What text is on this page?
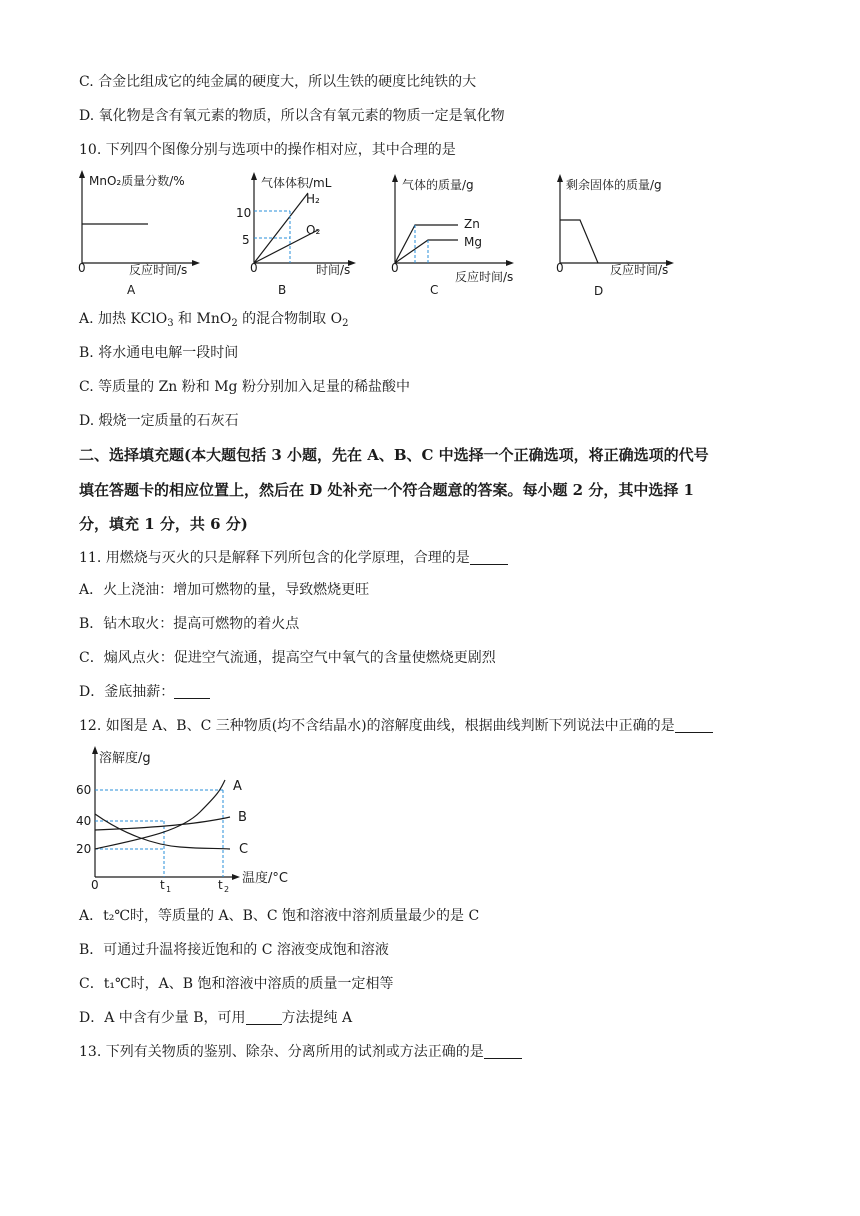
C. 合金比组成它的纯金属的硬度大，所以生铁的硬度比纯铁的大
D. 氧化物是含有氧元素的物质，所以含有氧元素的物质一定是氧化物
10. 下列四个图像分别与选项中的操作相对应，其中合理的是
MnO₂质量分数/%
0	反应时间/s
A
气体体积/mL
10
5
H₂
O₂
0	时间/s
B
气体的质量/g
Zn
Mg
0
反应时间/s
C
剩余固体的质量/g
0	反应时间/s
D
A. 加热 KClO$_3$ 和 MnO$_2$ 的混合物制取 $O_2$
B. 将水通电电解一段时间
C. 等质量的 Zn 粉和 Mg 粉分别加入足量的稀盐酸中
D. 煅烧一定质量的石灰石
二、选择填充题(本大题包括 3 小题，先在 A、B、C 中选择一个正确选项，将正确选项的代号
填在答题卡的相应位置上，然后在 D 处补充一个符合题意的答案。每小题 2 分，其中选择 1
分，填充 1 分，共 6 分)
11. 用燃烧与灭火的只是解释下列所包含的化学原理，合理的是
A．火上浇油：增加可燃物的量，导致燃烧更旺
B．钻木取火：提高可燃物的着火点
C．煽风点火：促进空气流通，提高空气中氧气的含量使燃烧更剧烈
D．釜底抽薪：
12. 如图是 A、B、C 三种物质(均不含结晶水)的溶解度曲线，根据曲线判断下列说法中正确的是
溶解度/g
60
40
20
0	t 1	t 2
温度/°C
A
B
C
A．t₂℃时，等质量的 A、B、C 饱和溶液中溶剂质量最少的是 C
B．可通过升温将接近饱和的 C 溶液变成饱和溶液
C．t₁℃时，A、B 饱和溶液中溶质的质量一定相等
D．A 中含有少量 B，可用	方法提纯 A
13. 下列有关物质的鉴别、除杂、分离所用的试剂或方法正确的是
